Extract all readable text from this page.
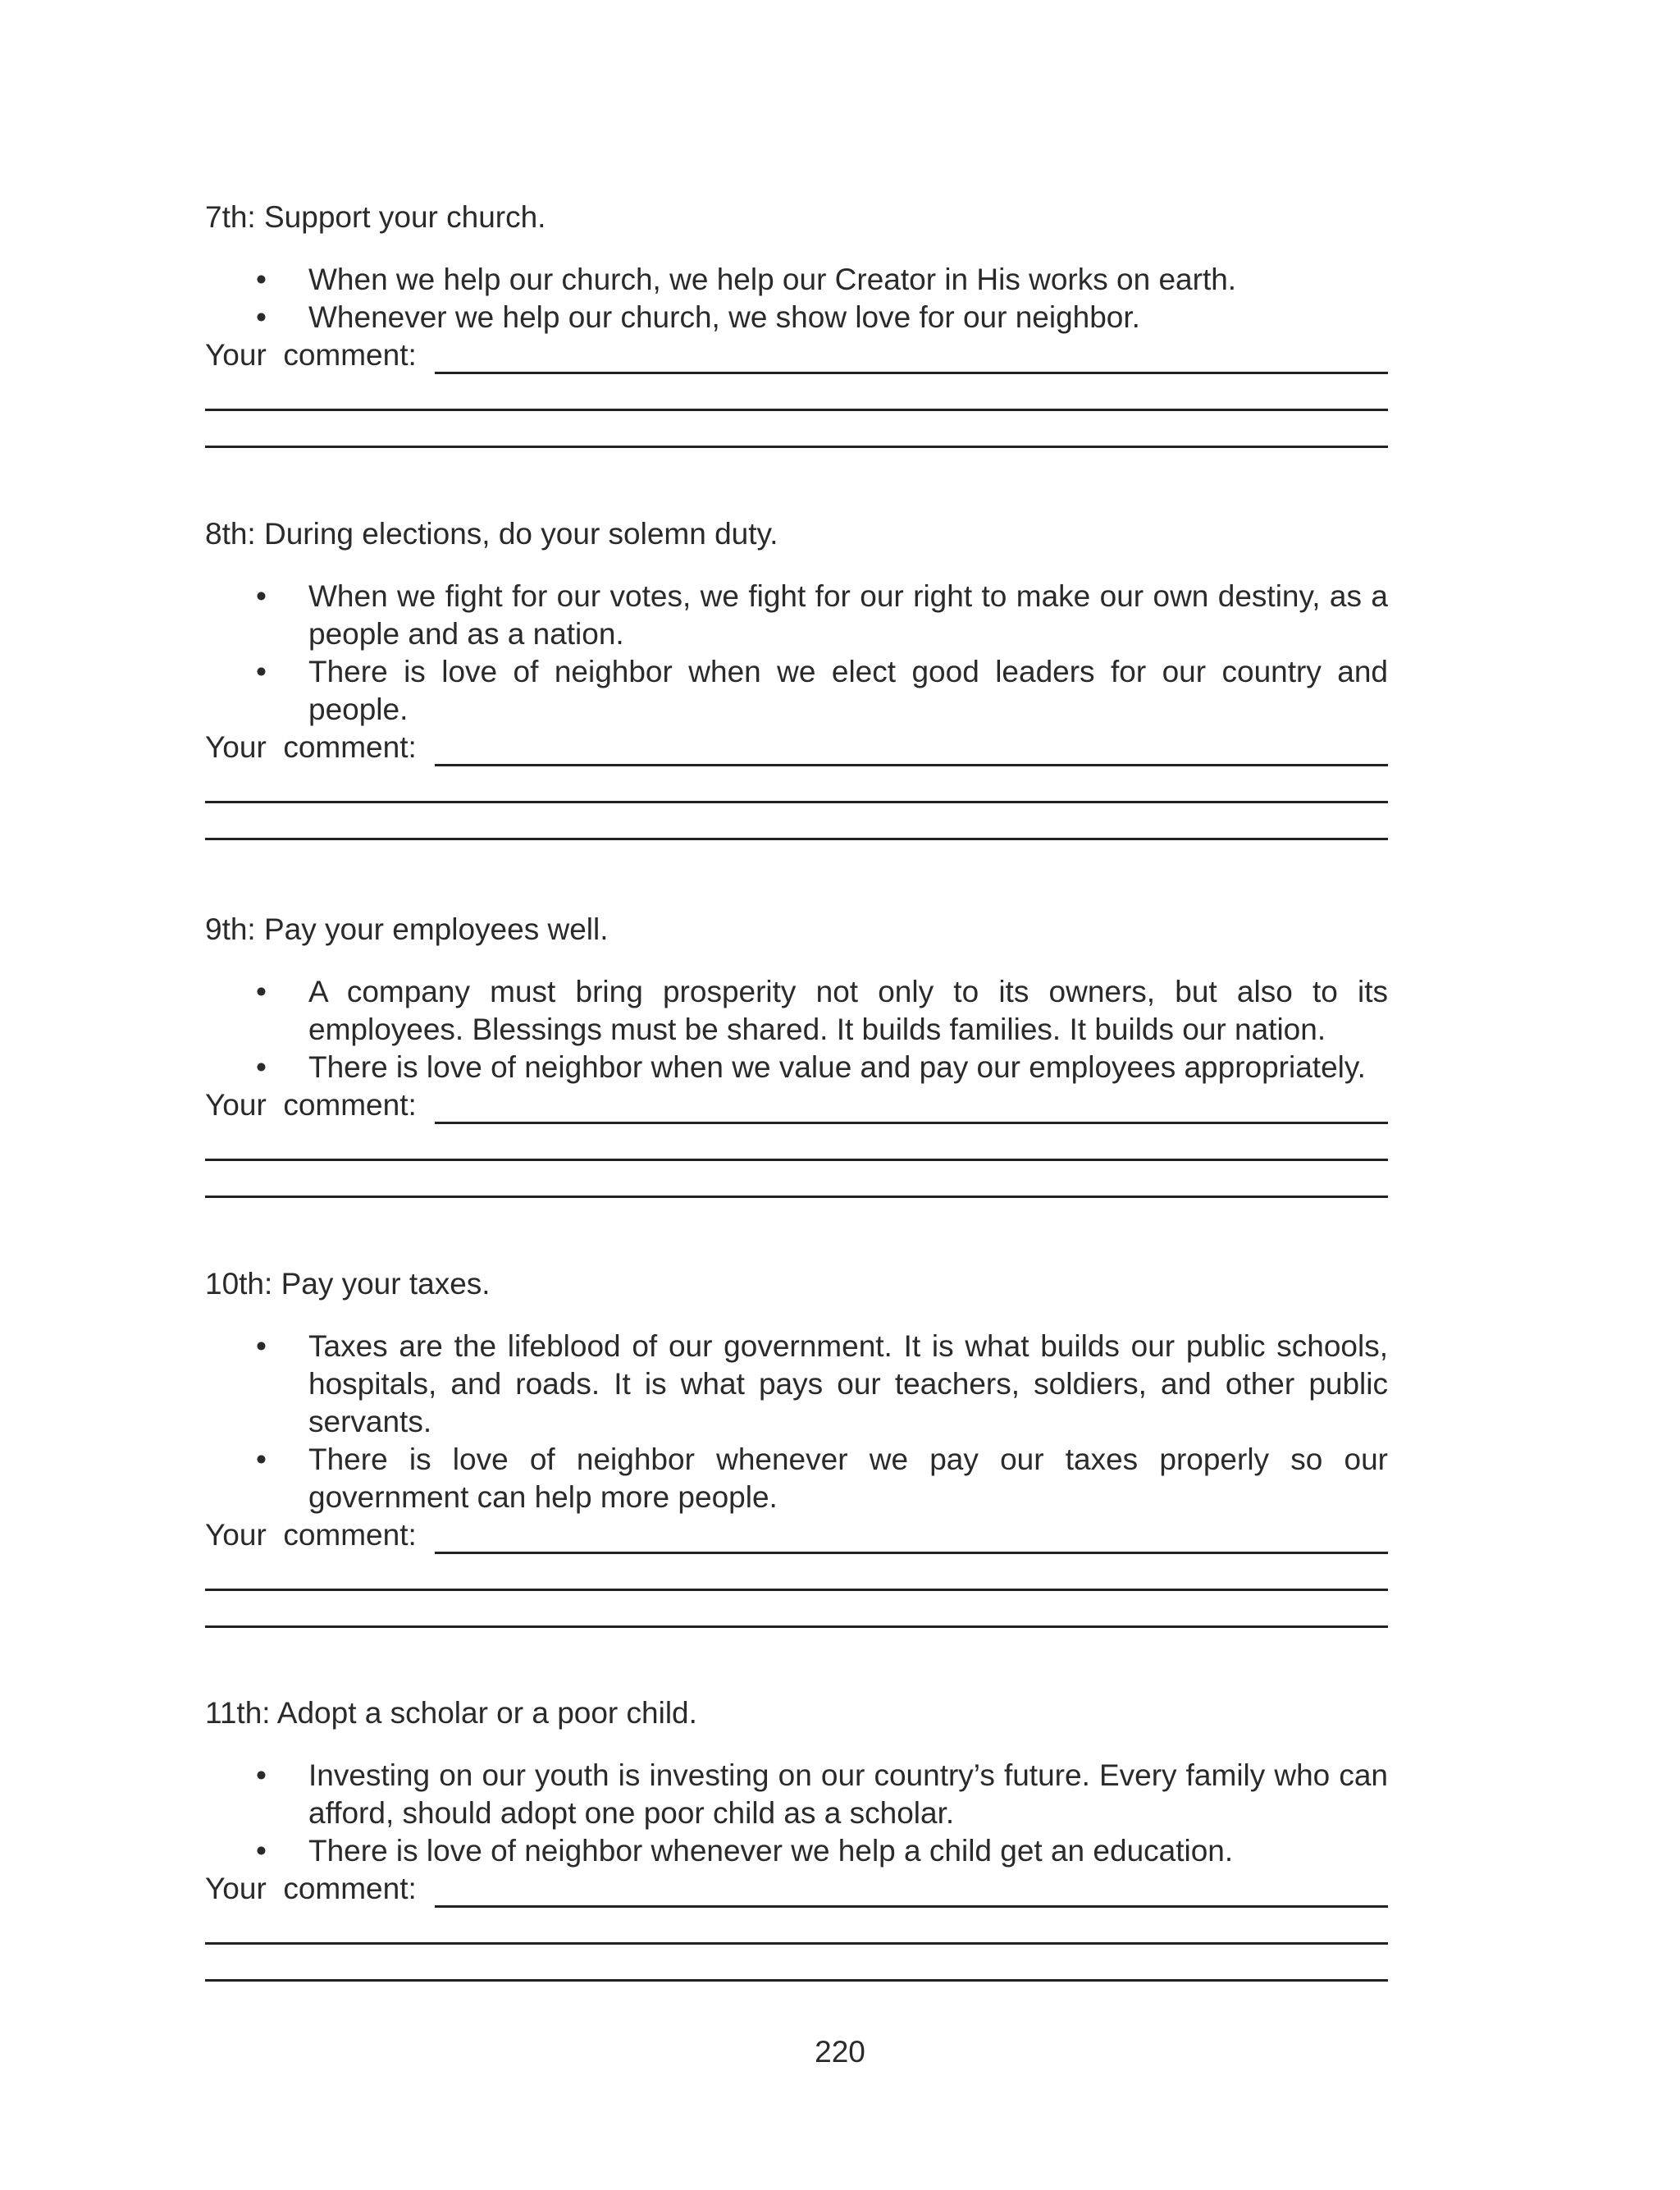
7th: Support your church.

• When we help our church, we help our Creator in His works on earth.
• Whenever we help our church, we show love for our neighbor.
Your  comment:

8th: During elections, do your solemn duty.

• When we fight for our votes, we fight for our right to make our own destiny, as a people and as a nation.
• There is love of neighbor when we elect good leaders for our country and people.
Your  comment:

9th: Pay your employees well.

• A company must bring prosperity not only to its owners, but also to its employees. Blessings must be shared. It builds families. It builds our nation.
• There is love of neighbor when we value and pay our employees appropriately.
Your  comment:

10th: Pay your taxes.

• Taxes are the lifeblood of our government. It is what builds our public schools, hospitals, and roads. It is what pays our teachers, soldiers, and other public servants.
• There is love of neighbor whenever we pay our taxes properly so our government can help more people.
Your  comment:

11th: Adopt a scholar or a poor child.

• Investing on our youth is investing on our country’s future. Every family who can afford, should adopt one poor child as a scholar.
• There is love of neighbor whenever we help a child get an education.
Your  comment:
220
